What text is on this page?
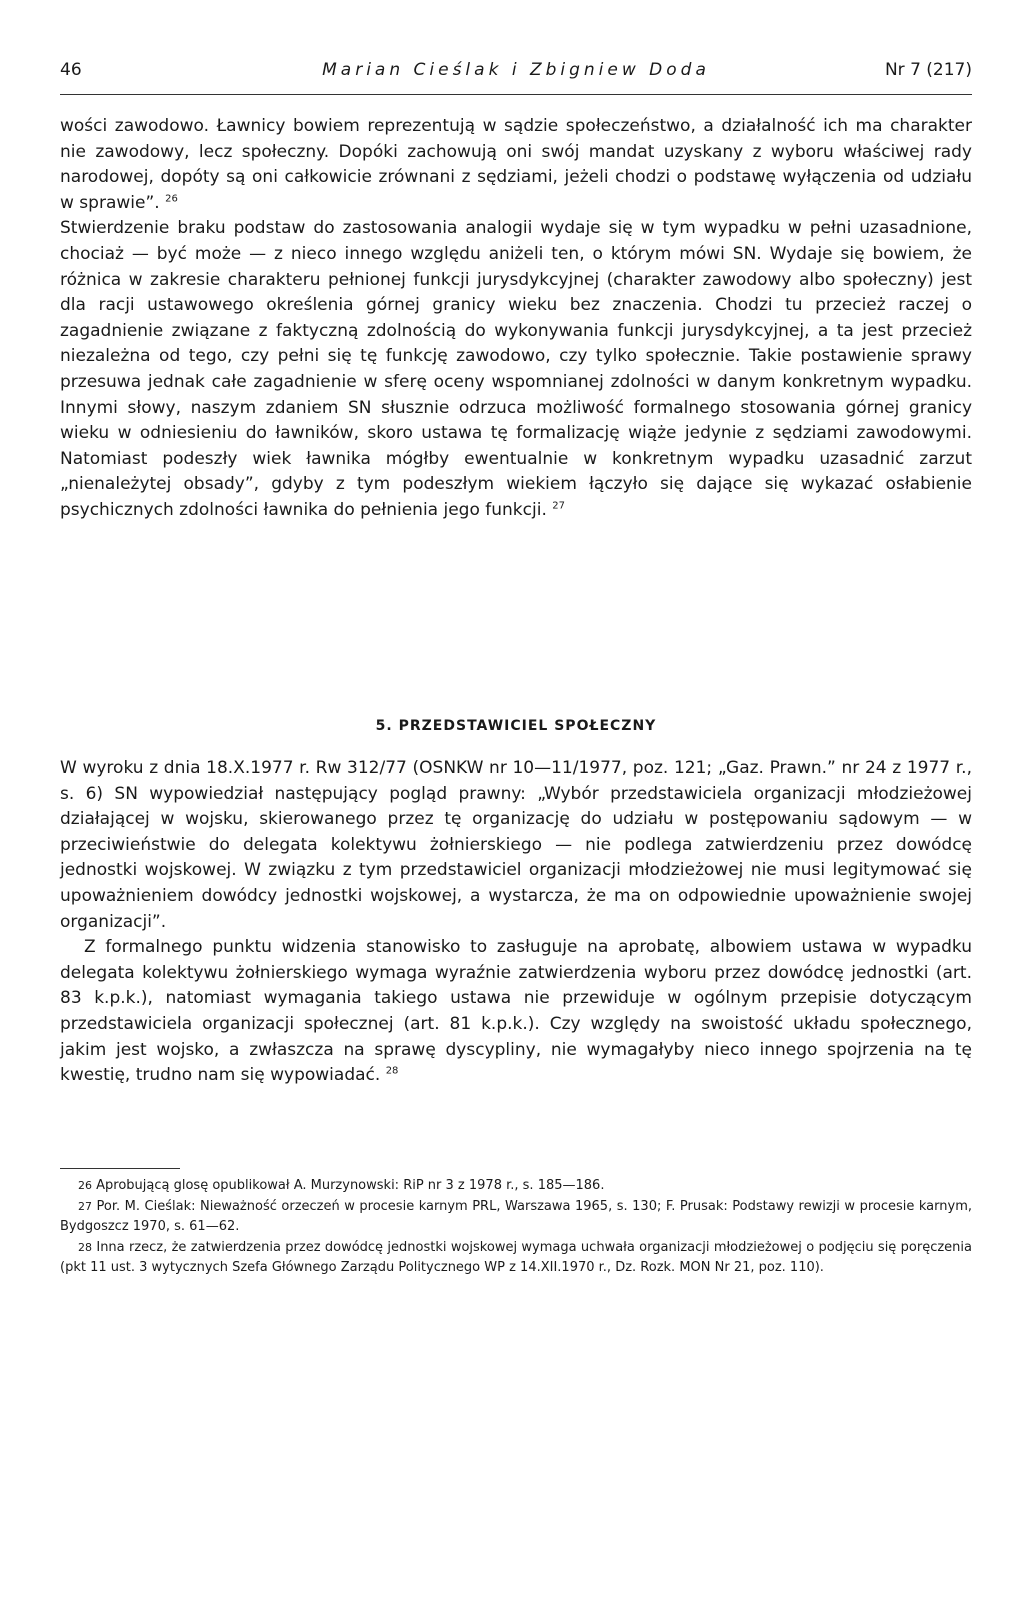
46	Marian Cieślak i Zbigniew Doda	Nr 7 (217)

wości zawodowo. Ławnicy bowiem reprezentują w sądzie społeczeństwo, a działalność ich ma charakter nie zawodowy, lecz społeczny. Dopóki zachowują oni swój mandat uzyskany z wyboru właściwej rady narodowej, dopóty są oni całkowicie zrównani z sędziami, jeżeli chodzi o podstawę wyłączenia od udziału w sprawie”. $^{26}$

Stwierdzenie braku podstaw do zastosowania analogii wydaje się w tym wypadku w pełni uzasadnione, chociaż — być może — z nieco innego względu aniżeli ten, o którym mówi SN. Wydaje się bowiem, że różnica w zakresie charakteru pełnionej funkcji jurysdykcyjnej (charakter zawodowy albo społeczny) jest dla racji ustawowego określenia górnej granicy wieku bez znaczenia. Chodzi tu przecież raczej o zagadnienie związane z faktyczną zdolnością do wykonywania funkcji jurysdykcyjnej, a ta jest przecież niezależna od tego, czy pełni się tę funkcję zawodowo, czy tylko społecznie. Takie postawienie sprawy przesuwa jednak całe zagadnienie w sferę oceny wspomnianej zdolności w danym konkretnym wypadku. Innymi słowy, naszym zdaniem SN słusznie odrzuca możliwość formalnego stosowania górnej granicy wieku w odniesieniu do ławników, skoro ustawa tę formalizację wiąże jedynie z sędziami zawodowymi. Natomiast podeszły wiek ławnika mógłby ewentualnie w konkretnym wypadku uzasadnić zarzut „nienależytej obsady”, gdyby z tym podeszłym wiekiem łączyło się dające się wykazać osłabienie psychicznych zdolności ławnika do pełnienia jego funkcji. $^{27}$

5. PRZEDSTAWICIEL SPOŁECZNY

W wyroku z dnia 18.X.1977 r. Rw 312/77 (OSNKW nr 10—11/1977, poz. 121; „Gaz. Prawn.” nr 24 z 1977 r., s. 6) SN wypowiedział następujący pogląd prawny: „Wybór przedstawiciela organizacji młodzieżowej działającej w wojsku, skierowanego przez tę organizację do udziału w postępowaniu sądowym — w przeciwieństwie do delegata kolektywu żołnierskiego — nie podlega zatwierdzeniu przez dowódcę jednostki wojskowej. W związku z tym przedstawiciel organizacji młodzieżowej nie musi legitymować się upoważnieniem dowódcy jednostki wojskowej, a wystarcza, że ma on odpowiednie upoważnienie swojej organizacji”.

Z formalnego punktu widzenia stanowisko to zasługuje na aprobatę, albowiem ustawa w wypadku delegata kolektywu żołnierskiego wymaga wyraźnie zatwierdzenia wyboru przez dowódcę jednostki (art. 83 k.p.k.), natomiast wymagania takiego ustawa nie przewiduje w ogólnym przepisie dotyczącym przedstawiciela organizacji społecznej (art. 81 k.p.k.). Czy względy na swoistość układu społecznego, jakim jest wojsko, a zwłaszcza na sprawę dyscypliny, nie wymagałyby nieco innego spojrzenia na tę kwestię, trudno nam się wypowiadać. $^{28}$

26 Aprobującą glosę opublikował A. Murzynowski: RiP nr 3 z 1978 r., s. 185—186.

27 Por. M. Cieślak: Nieważność orzeczeń w procesie karnym PRL, Warszawa 1965, s. 130; F. Prusak: Podstawy rewizji w procesie karnym, Bydgoszcz 1970, s. 61—62.

28 Inna rzecz, że zatwierdzenia przez dowódcę jednostki wojskowej wymaga uchwała organizacji młodzieżowej o podjęciu się poręczenia (pkt 11 ust. 3 wytycznych Szefa Głównego Zarządu Politycznego WP z 14.XII.1970 r., Dz. Rozk. MON Nr 21, poz. 110).
